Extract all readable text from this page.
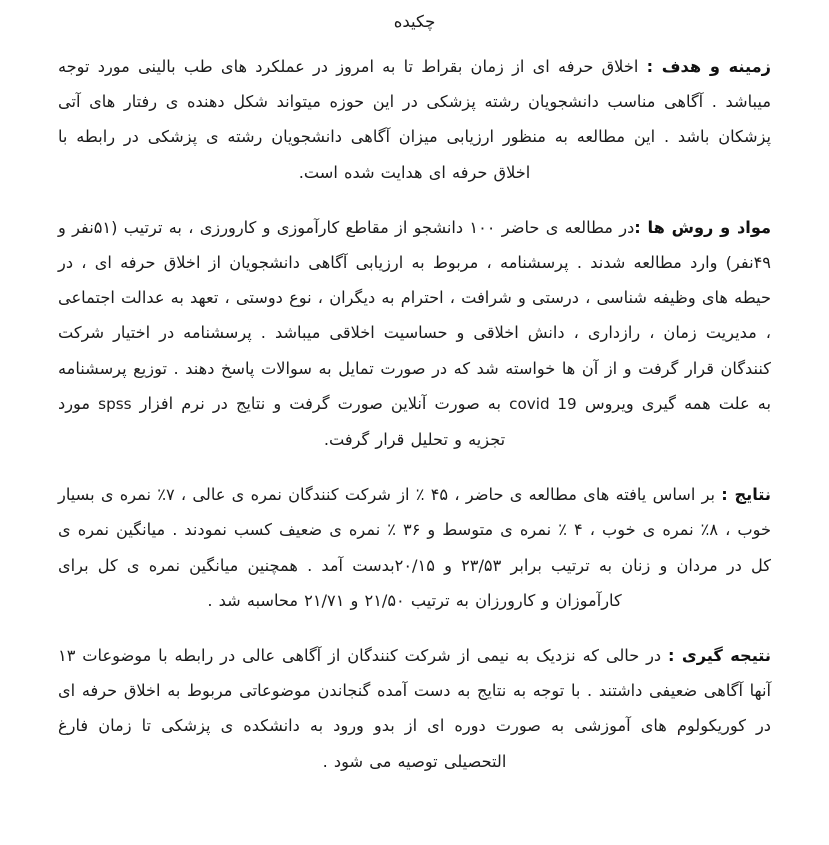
چکیده

زمینه و هدف : اخلاق حرفه ای از زمان بقراط تا به امروز در عملکرد های طب بالینی مورد توجه میباشد . آگاهی مناسب دانشجویان رشته پزشکی در این حوزه میتواند شکل دهنده ی رفتار های آتی پزشکان باشد . این مطالعه به منظور ارزیابی میزان آگاهی دانشجویان رشته ی پزشکی در رابطه با اخلاق حرفه ای هدایت شده است.

مواد و روش ها :در مطالعه ی حاضر ۱۰۰ دانشجو از مقاطع کارآموزی و کارورزی ، به ترتیب (۵۱نفر و ۴۹نفر) وارد مطالعه شدند . پرسشنامه ، مربوط به ارزیابی آگاهی دانشجویان از اخلاق حرفه ای ، در حیطه های وظیفه شناسی ، درستی و شرافت ، احترام به دیگران ، نوع دوستی ، تعهد به عدالت اجتماعی ، مدیریت زمان ، رازداری ، دانش اخلاقی و حساسیت اخلاقی میباشد . پرسشنامه در اختیار شرکت کنندگان قرار گرفت و از آن ها خواسته شد که در صورت تمایل به سوالات پاسخ دهند . توزیع پرسشنامه به علت همه گیری ویروس covid 19 به صورت آنلاین صورت گرفت و نتایج در نرم افزار spss مورد تجزیه و تحلیل قرار گرفت.

نتایج : بر اساس یافته های مطالعه ی حاضر ، ۴۵ ٪ از شرکت کنندگان نمره ی عالی ، ۷٪ نمره ی بسیار خوب ، ۸٪ نمره ی خوب ، ۴ ٪ نمره ی متوسط و ۳۶ ٪ نمره ی ضعیف کسب نمودند . میانگین نمره ی کل در مردان و زنان به ترتیب برابر ۲۳/۵۳ و ۲۰/۱۵بدست آمد . همچنین میانگین نمره ی کل برای کارآموزان و کارورزان به ترتیب ۲۱/۵۰ و ۲۱/۷۱ محاسبه شد .

نتیجه گیری : در حالی که نزدیک به نیمی از شرکت کنندگان از آگاهی عالی در رابطه با موضوعات ۱۳ آنها آگاهی ضعیفی داشتند . با توجه به نتایج به دست آمده گنجاندن موضوعاتی مربوط به اخلاق حرفه ای در کوریکولوم های آموزشی به صورت دوره ای از بدو ورود به دانشکده ی پزشکی تا زمان فارغ التحصیلی توصیه می شود .
